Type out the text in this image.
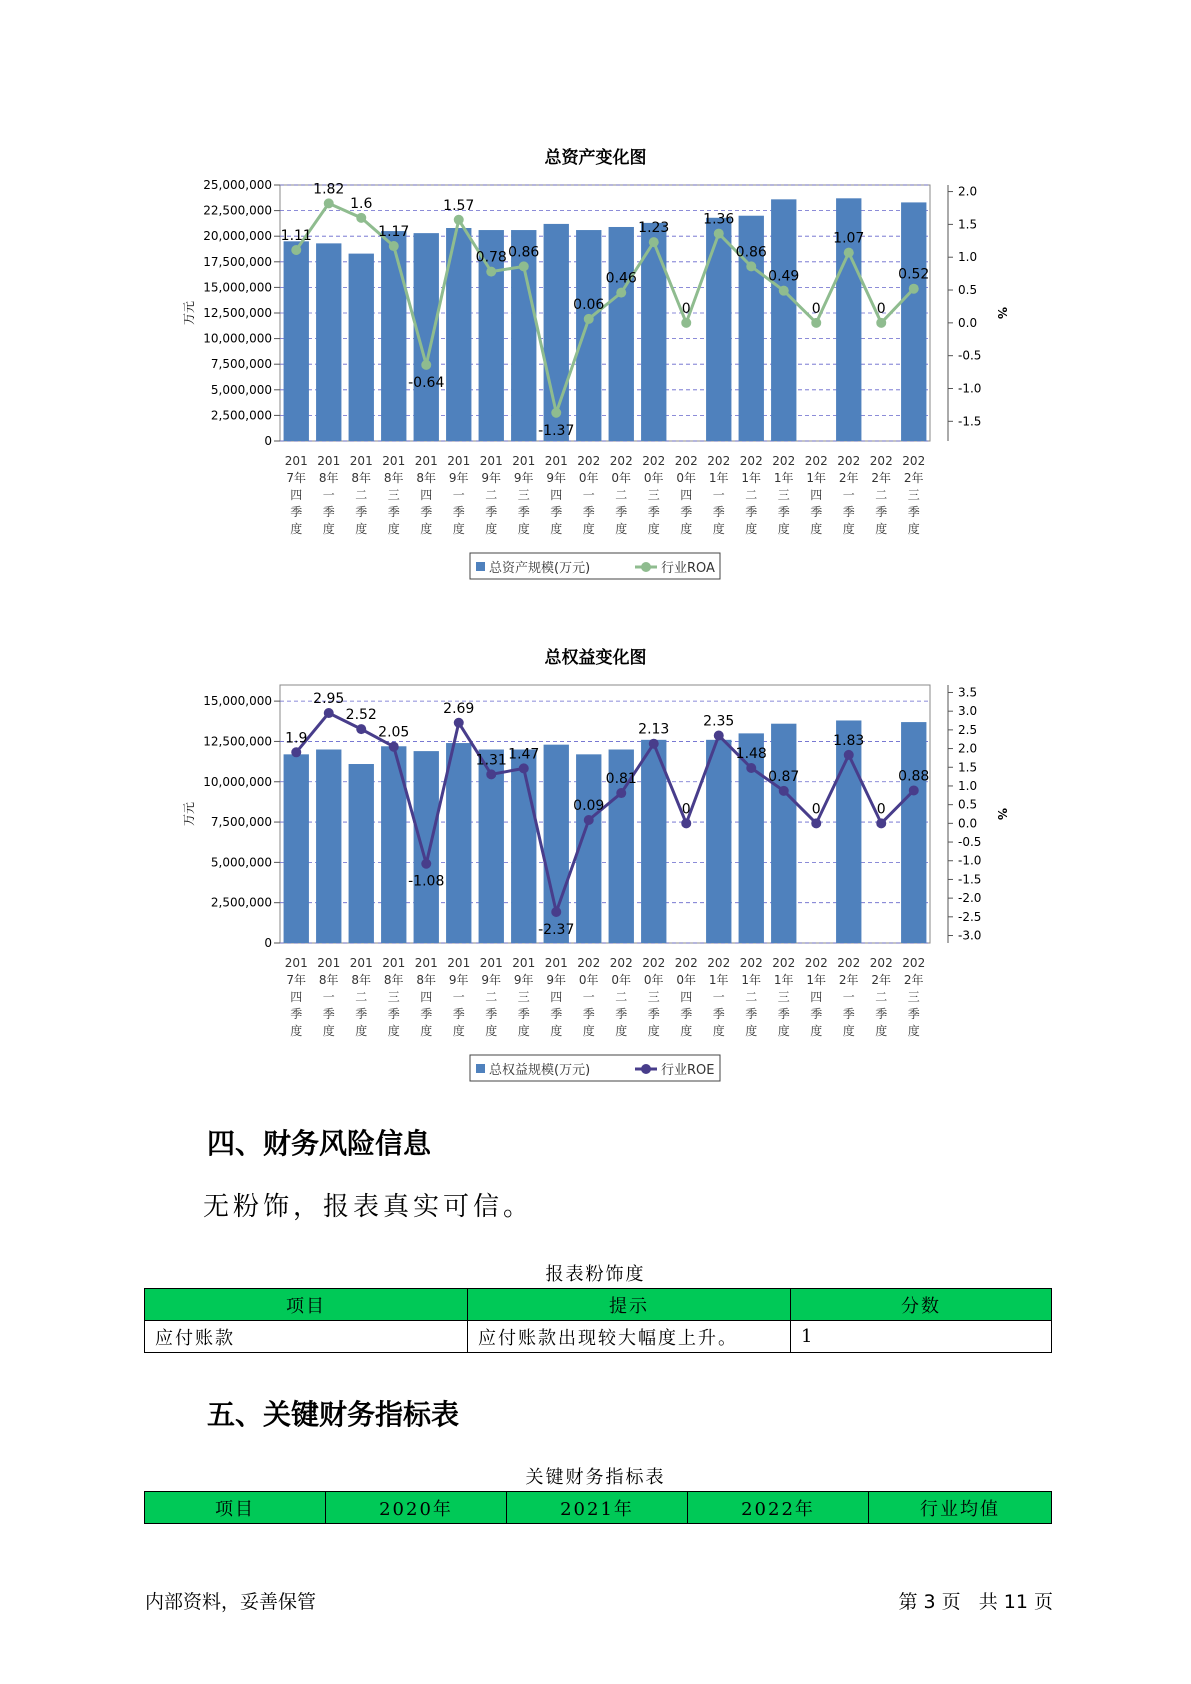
总资产变化图
0
2,500,000
5,000,000
7,500,000
10,000,000
12,500,000
15,000,000
17,500,000
20,000,000
22,500,000
25,000,000
-1.5
-1.0
-0.5
0.0
0.5
1.0
1.5
2.0
万元	%
1.11
1.82
1.6
1.17
-0.64
1.57
0.78 0.86
-1.37
0.06
0.46
1.23
0
1.36
0.86
0.49
0
1.07
0
0.52
201 7年四季度
201 8年一季度
201 8年二季度
201 8年三季度
201 8年四季度
201 9年一季度
201 9年二季度
201 9年三季度
201 9年四季度
202 0年一季度
202 0年二季度
202 0年三季度
202 0年四季度
202 1年一季度
202 1年二季度
202 1年三季度
202 1年四季度
202 2年一季度
202 2年二季度
202 2年三季度
总资产规模(万元)	行业ROA
总权益变化图
0
2,500,000
5,000,000
7,500,000
10,000,000
12,500,000
15,000,000
-3.0
-2.5
-2.0
-1.5
-1.0
-0.5
0.0
0.5
1.0
1.5
2.0
2.5
3.0
3.5
万元	%
1.9
2.95
2.52
2.05
-1.08
2.69
1.31 1.47
-2.37
0.09
0.81
2.13
0
2.35
1.48
0.87
0
1.83
0
0.88
201 7年四季度
201 8年一季度
201 8年二季度
201 8年三季度
201 8年四季度
201 9年一季度
201 9年二季度
201 9年三季度
201 9年四季度
202 0年一季度
202 0年二季度
202 0年三季度
202 0年四季度
202 1年一季度
202 1年二季度
202 1年三季度
202 1年四季度
202 2年一季度
202 2年二季度
202 2年三季度
总权益规模(万元)	行业ROE
四、财务风险信息
无粉饰，报表真实可信。
报表粉饰度
项目	提示	分数
应付账款	应付账款出现较大幅度上升。	1
五、关键财务指标表
关键财务指标表
项目	2020年	2021年	2022年	行业均值
内部资料，妥善保管	第 3 页   共 11 页
